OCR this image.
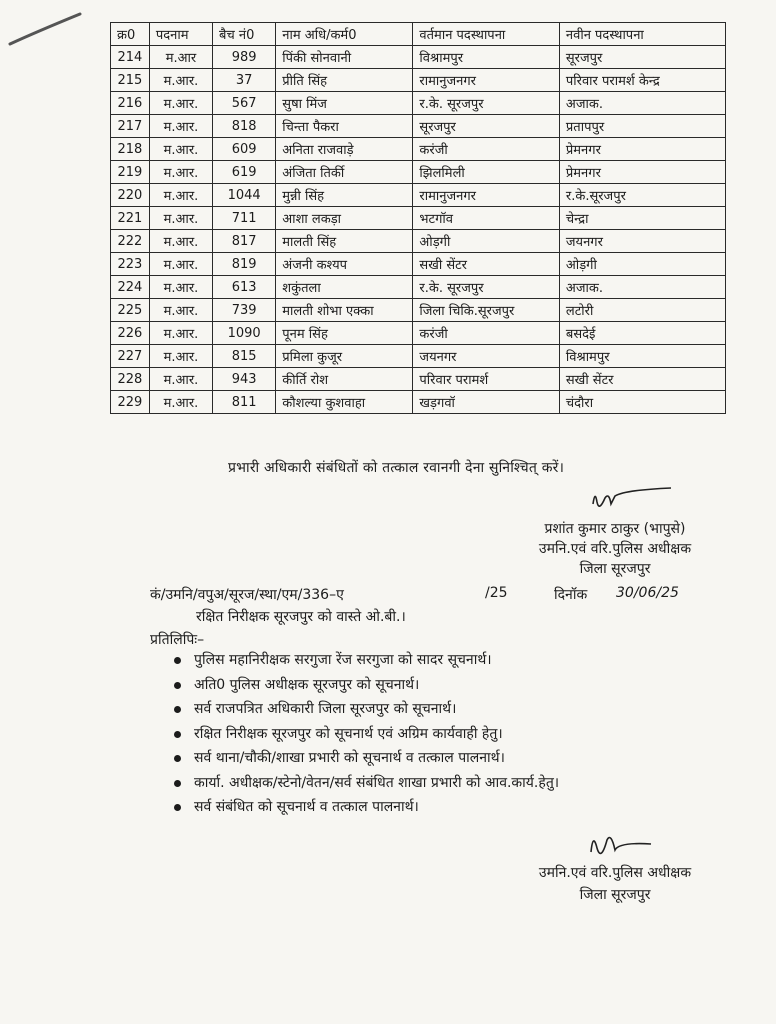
क्र0	पदनाम	बैच नं0	नाम अधि/कर्म0	वर्तमान पदस्थापना	नवीन पदस्थापना
214	म.आर	989	पिंकी सोनवानी	विश्रामपुर	सूरजपुर
215	म.आर.	37	प्रीति सिंह	रामानुजनगर	परिवार परामर्श केन्द्र
216	म.आर.	567	सुषा मिंज	र.के. सूरजपुर	अजाक.
217	म.आर.	818	चिन्ता पैकरा	सूरजपुर	प्रतापपुर
218	म.आर.	609	अनिता राजवाड़े	करंजी	प्रेमनगर
219	म.आर.	619	अंजिता तिर्की	झिलमिली	प्रेमनगर
220	म.आर.	1044	मुन्नी सिंह	रामानुजनगर	र.के.सूरजपुर
221	म.आर.	711	आशा लकड़ा	भटगॉव	चेन्द्रा
222	म.आर.	817	मालती सिंह	ओड़गी	जयनगर
223	म.आर.	819	अंजनी कश्यप	सखी सेंटर	ओड़गी
224	म.आर.	613	शकुंतला	र.के. सूरजपुर	अजाक.
225	म.आर.	739	मालती शोभा एक्का	जिला चिकि.सूरजपुर	लटोरी
226	म.आर.	1090	पूनम सिंह	करंजी	बसदेई
227	म.आर.	815	प्रमिला कुजूर	जयनगर	विश्रामपुर
228	म.आर.	943	कीर्ति रोश	परिवार परामर्श	सखी सेंटर
229	म.आर.	811	कौशल्या कुशवाहा	खड़गवॉ	चंदौरा
प्रभारी अधिकारी संबंधितों को तत्काल रवानगी देना सुनिश्चित् करें।
प्रशांत कुमार ठाकुर (भापुसे)
उमनि.एवं वरि.पुलिस अधीक्षक
जिला सूरजपुर
कं/उमनि/वपुअ/सूरज/स्था/एम/336–ए	/25	दिनॉक 30/06/25
रक्षित निरीक्षक सूरजपुर को वास्ते ओ.बी.।
प्रतिलिपिः–
पुलिस महानिरीक्षक सरगुजा रेंज सरगुजा को सादर सूचनार्थ।
अति0 पुलिस अधीक्षक सूरजपुर को सूचनार्थ।
सर्व राजपत्रित अधिकारी जिला सूरजपुर को सूचनार्थ।
रक्षित निरीक्षक सूरजपुर को सूचनार्थ एवं अग्रिम कार्यवाही हेतु।
सर्व थाना/चौकी/शाखा प्रभारी को सूचनार्थ व तत्काल पालनार्थ।
कार्या. अधीक्षक/स्टेनो/वेतन/सर्व संबंधित शाखा प्रभारी को आव.कार्य.हेतु।
सर्व संबंधित को सूचनार्थ व तत्काल पालनार्थ।
उमनि.एवं वरि.पुलिस अधीक्षक
जिला सूरजपुर
